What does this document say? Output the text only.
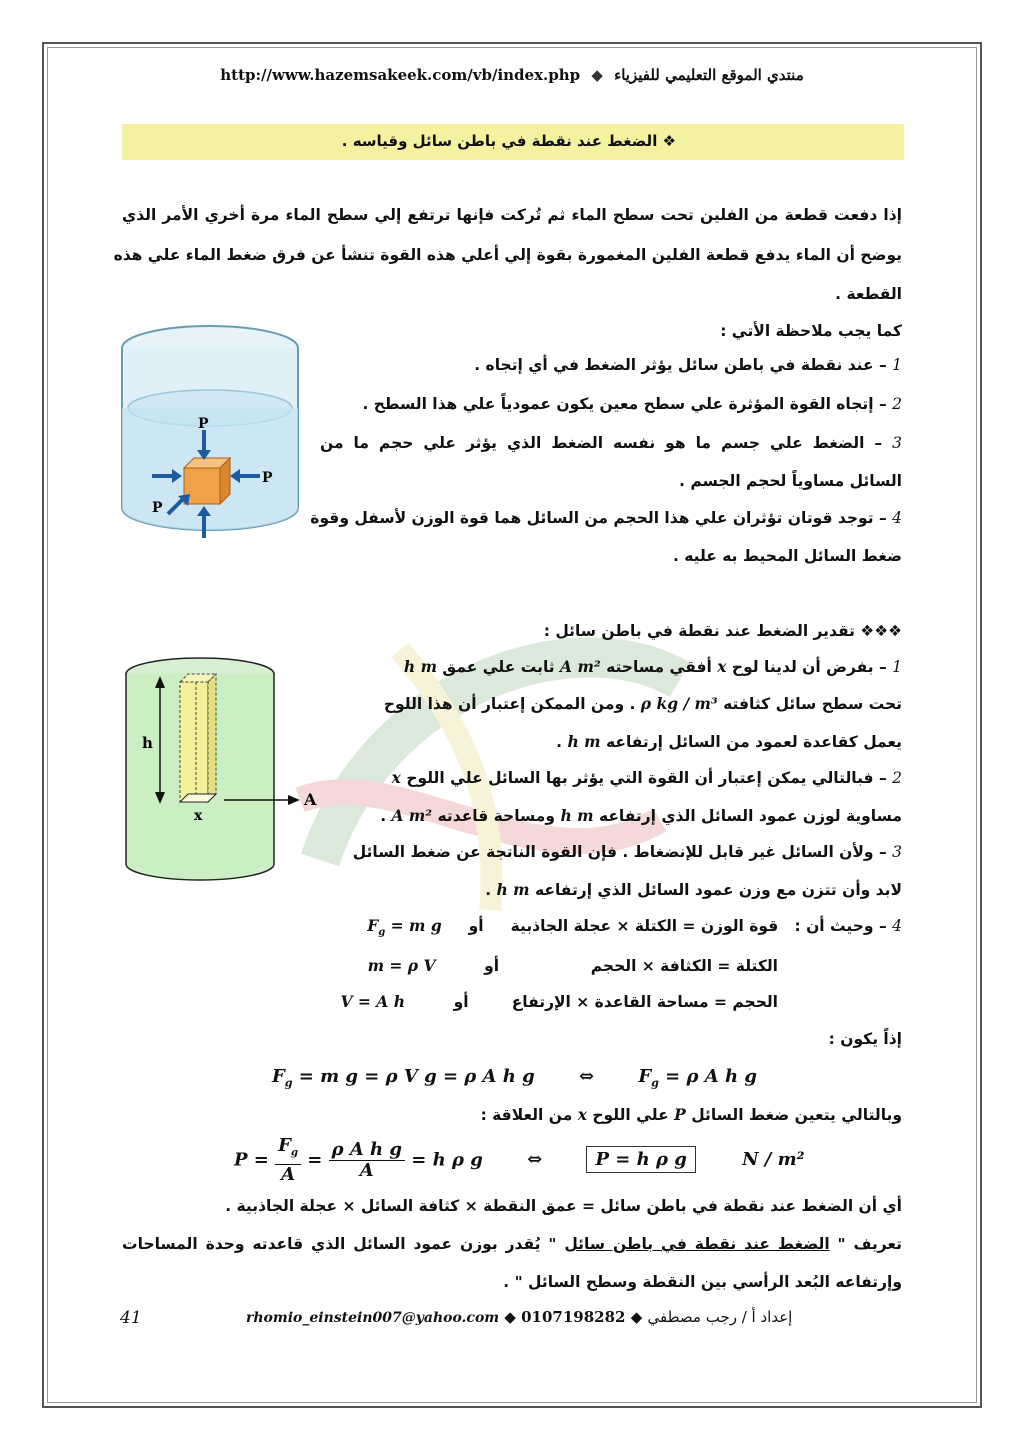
http://www.hazemsakeek.com/vb/index.php ◆ منتدي الموقع التعليمي للفيزياء
❖ الضغط عند نقطة في باطن سائل وقياسه .
إذا دفعت قطعة من الفلين تحت سطح الماء ثم تُركت فإنها ترتفع إلي سطح الماء مرة أخري الأمر الذي
يوضح أن الماء يدفع قطعة الفلين المغمورة بقوة إلي أعلي هذه القوة تنشأ عن فرق ضغط الماء علي هذه
القطعة .
كما يجب ملاحظة الأتي :
1 – عند نقطة في باطن سائل يؤثر الضغط في أي إتجاه .
2 – إتجاه القوة المؤثرة علي سطح معين يكون عمودياً علي هذا السطح .
3 – الضغط علي جسم ما هو نفسه الضغط الذي يؤثر علي حجم ما من
السائل مساوياً لحجم الجسم .
4 – توجد قوتان تؤثران علي هذا الحجم من السائل هما قوة الوزن لأسفل وقوة
ضغط السائل المحيط به عليه .
P
P
P
❖❖❖ تقدير الضغط عند نقطة في باطن سائل :
1 – بفرض أن لدينا لوح x أفقي مساحته A m² ثابت علي عمق h m
تحت سطح سائل كثافته ρ kg / m³ . ومن الممكن إعتبار أن هذا اللوح
يعمل كقاعدة لعمود من السائل إرتفاعه h m .
2 – فبالتالي يمكن إعتبار أن القوة التي يؤثر بها السائل علي اللوح x
مساوية لوزن عمود السائل الذي إرتفاعه h m ومساحة قاعدته A m² .
3 – ولأن السائل غير قابل للإنضغاط . فإن القوة الناتجة عن ضغط السائل
لابد وأن تتزن مع وزن عمود السائل الذي إرتفاعه h m .
4 – وحيث أن :   قوة الوزن = الكتلة × عجلة الجاذبية     أو     $F_g = m$ g
الكتلة = الكثافة × الحجم                 أو         m = ρ V
الحجم = مساحة القاعدة × الإرتفاع        أو         V = A h
h
x
A
إذاً يكون :
$F_g = m$ g = ρ V g = ρ A h g ⇔ $F_g = \rho$ A h g
وبالتالي يتعين ضغط السائل P علي اللوح x من العلاقة :
$P = \frac{F_g}{A} = \frac{\text{ρ A h g}}{A} = h$ ρ g ⇔	P = h ρ g	N / m²
أي أن الضغط عند نقطة في باطن سائل = عمق النقطة × كثافة السائل × عجلة الجاذبية .
تعريف " الضغط عند نقطة في باطن سائل " يُقدر بوزن عمود السائل الذي قاعدته وحدة المساحات
وإرتفاعه البُعد الرأسي بين النقطة وسطح السائل " .
41	rhomio_einstein007@yahoo.com ◆ 0107198282 ◆ إعداد أ / رجب مصطفي
